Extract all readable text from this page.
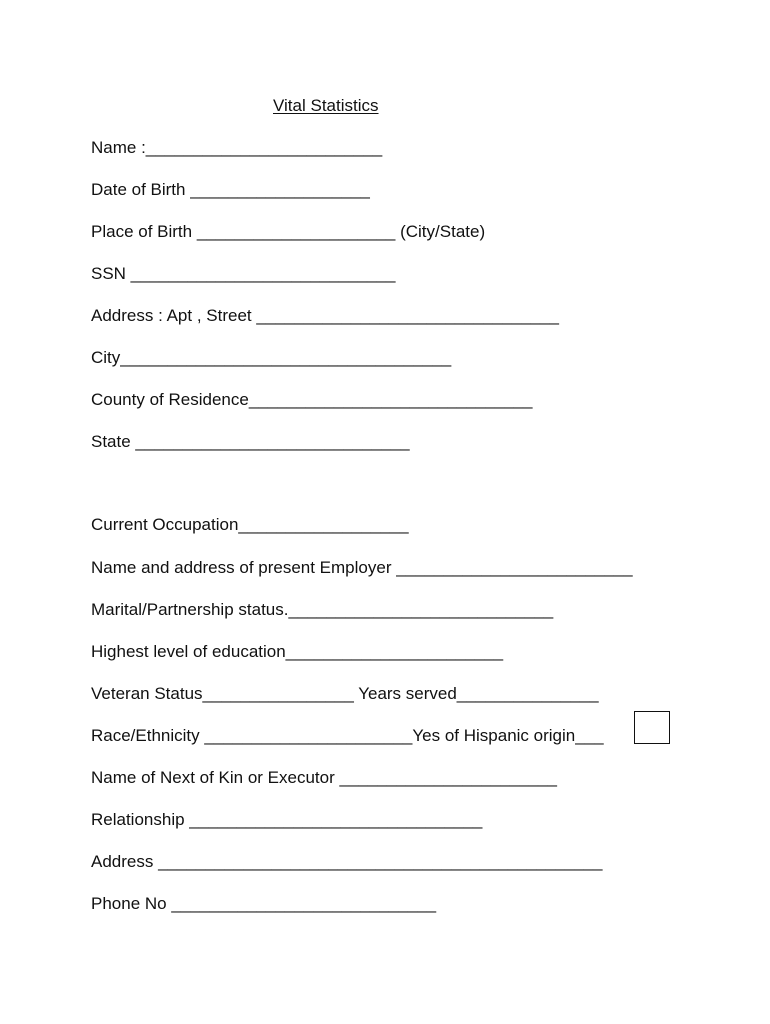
Vital Statistics
Name :_________________________
Date of Birth ___________________
Place of Birth _____________________ (City/State)
SSN ____________________________
Address : Apt , Street ________________________________
City___________________________________
County of Residence______________________________
State _____________________________
Current Occupation__________________
Name and address of present Employer _________________________
Marital/Partnership status.____________________________
Highest level of education_______________________
Veteran Status________________ Years served_______________
Race/Ethnicity ______________________Yes of Hispanic origin___
Name of Next of Kin or Executor _______________________
Relationship _______________________________
Address _______________________________________________
Phone No ____________________________
